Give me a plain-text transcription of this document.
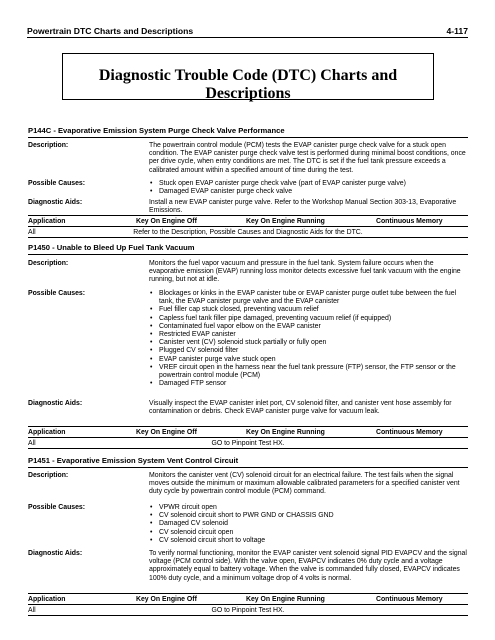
Powertrain DTC Charts and Descriptions	4-117
Diagnostic Trouble Code (DTC) Charts and Descriptions
P144C - Evaporative Emission System Purge Check Valve Performance
Description:	The powertrain control module (PCM) tests the EVAP canister purge check valve for a stuck open condition. The EVAP canister purge check valve test is performed during minimal boost conditions, once per drive cycle, when entry conditions are met. The DTC is set if the fuel tank pressure exceeds a calibrated amount within a specified amount of time during the test.
Possible Causes:	• Stuck open EVAP canister purge check valve (part of EVAP canister purge valve)
• Damaged EVAP canister purge check valve
Diagnostic Aids:	Install a new EVAP canister purge valve. Refer to the Workshop Manual Section 303-13, Evaporative Emissions.
Application	Key On Engine Off	Key On Engine Running	Continuous Memory
All	Refer to the Description, Possible Causes and Diagnostic Aids for the DTC.
P1450 - Unable to Bleed Up Fuel Tank Vacuum
Description:	Monitors the fuel vapor vacuum and pressure in the fuel tank. System failure occurs when the evaporative emission (EVAP) running loss monitor detects excessive fuel tank vacuum with the engine running, but not at idle.
Possible Causes:	• Blockages or kinks in the EVAP canister tube or EVAP canister purge outlet tube between the fuel tank, the EVAP canister purge valve and the EVAP canister
• Fuel filler cap stuck closed, preventing vacuum relief
• Capless fuel tank filler pipe damaged, preventing vacuum relief (if equipped)
• Contaminated fuel vapor elbow on the EVAP canister
• Restricted EVAP canister
• Canister vent (CV) solenoid stuck partially or fully open
• Plugged CV solenoid filter
• EVAP canister purge valve stuck open
• VREF circuit open in the harness near the fuel tank pressure (FTP) sensor, the FTP sensor or the powertrain control module (PCM)
• Damaged FTP sensor
Diagnostic Aids:	Visually inspect the EVAP canister inlet port, CV solenoid filter, and canister vent hose assembly for contamination or debris. Check EVAP canister purge valve for vacuum leak.
Application	Key On Engine Off	Key On Engine Running	Continuous Memory
All	GO to Pinpoint Test HX.
P1451 - Evaporative Emission System Vent Control Circuit
Description:	Monitors the canister vent (CV) solenoid circuit for an electrical failure. The test fails when the signal moves outside the minimum or maximum allowable calibrated parameters for a specified canister vent duty cycle by powertrain control module (PCM) command.
Possible Causes:	• VPWR circuit open
• CV solenoid circuit short to PWR GND or CHASSIS GND
• Damaged CV solenoid
• CV solenoid circuit open
• CV solenoid circuit short to voltage
Diagnostic Aids:	To verify normal functioning, monitor the EVAP canister vent solenoid signal PID EVAPCV and the signal voltage (PCM control side). With the valve open, EVAPCV indicates 0% duty cycle and a voltage approximately equal to battery voltage. When the valve is commanded fully closed, EVAPCV indicates 100% duty cycle, and a minimum voltage drop of 4 volts is normal.
Application	Key On Engine Off	Key On Engine Running	Continuous Memory
All	GO to Pinpoint Test HX.
